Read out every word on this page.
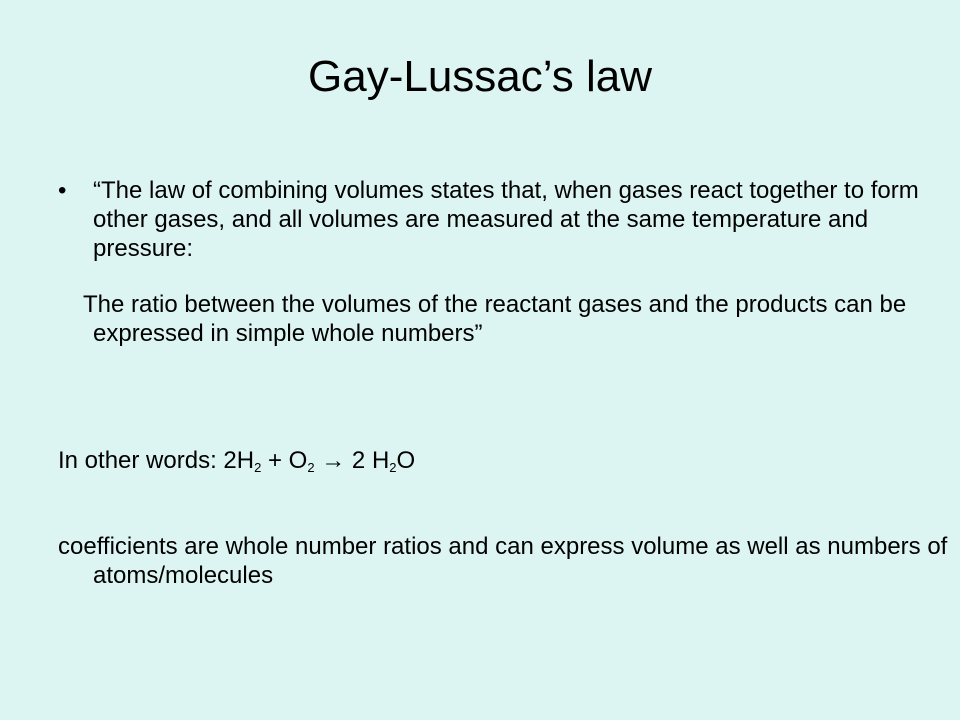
Gay-Lussac’s law
• “The law of combining volumes states that, when gases react together to form other gases, and all volumes are measured at the same temperature and pressure:
The ratio between the volumes of the reactant gases and the products can be expressed in simple whole numbers”
In other words: $2H_2 + O_2 \to 2$ $H_2O$
coefficients are whole number ratios and can express volume as well as numbers of atoms/molecules
